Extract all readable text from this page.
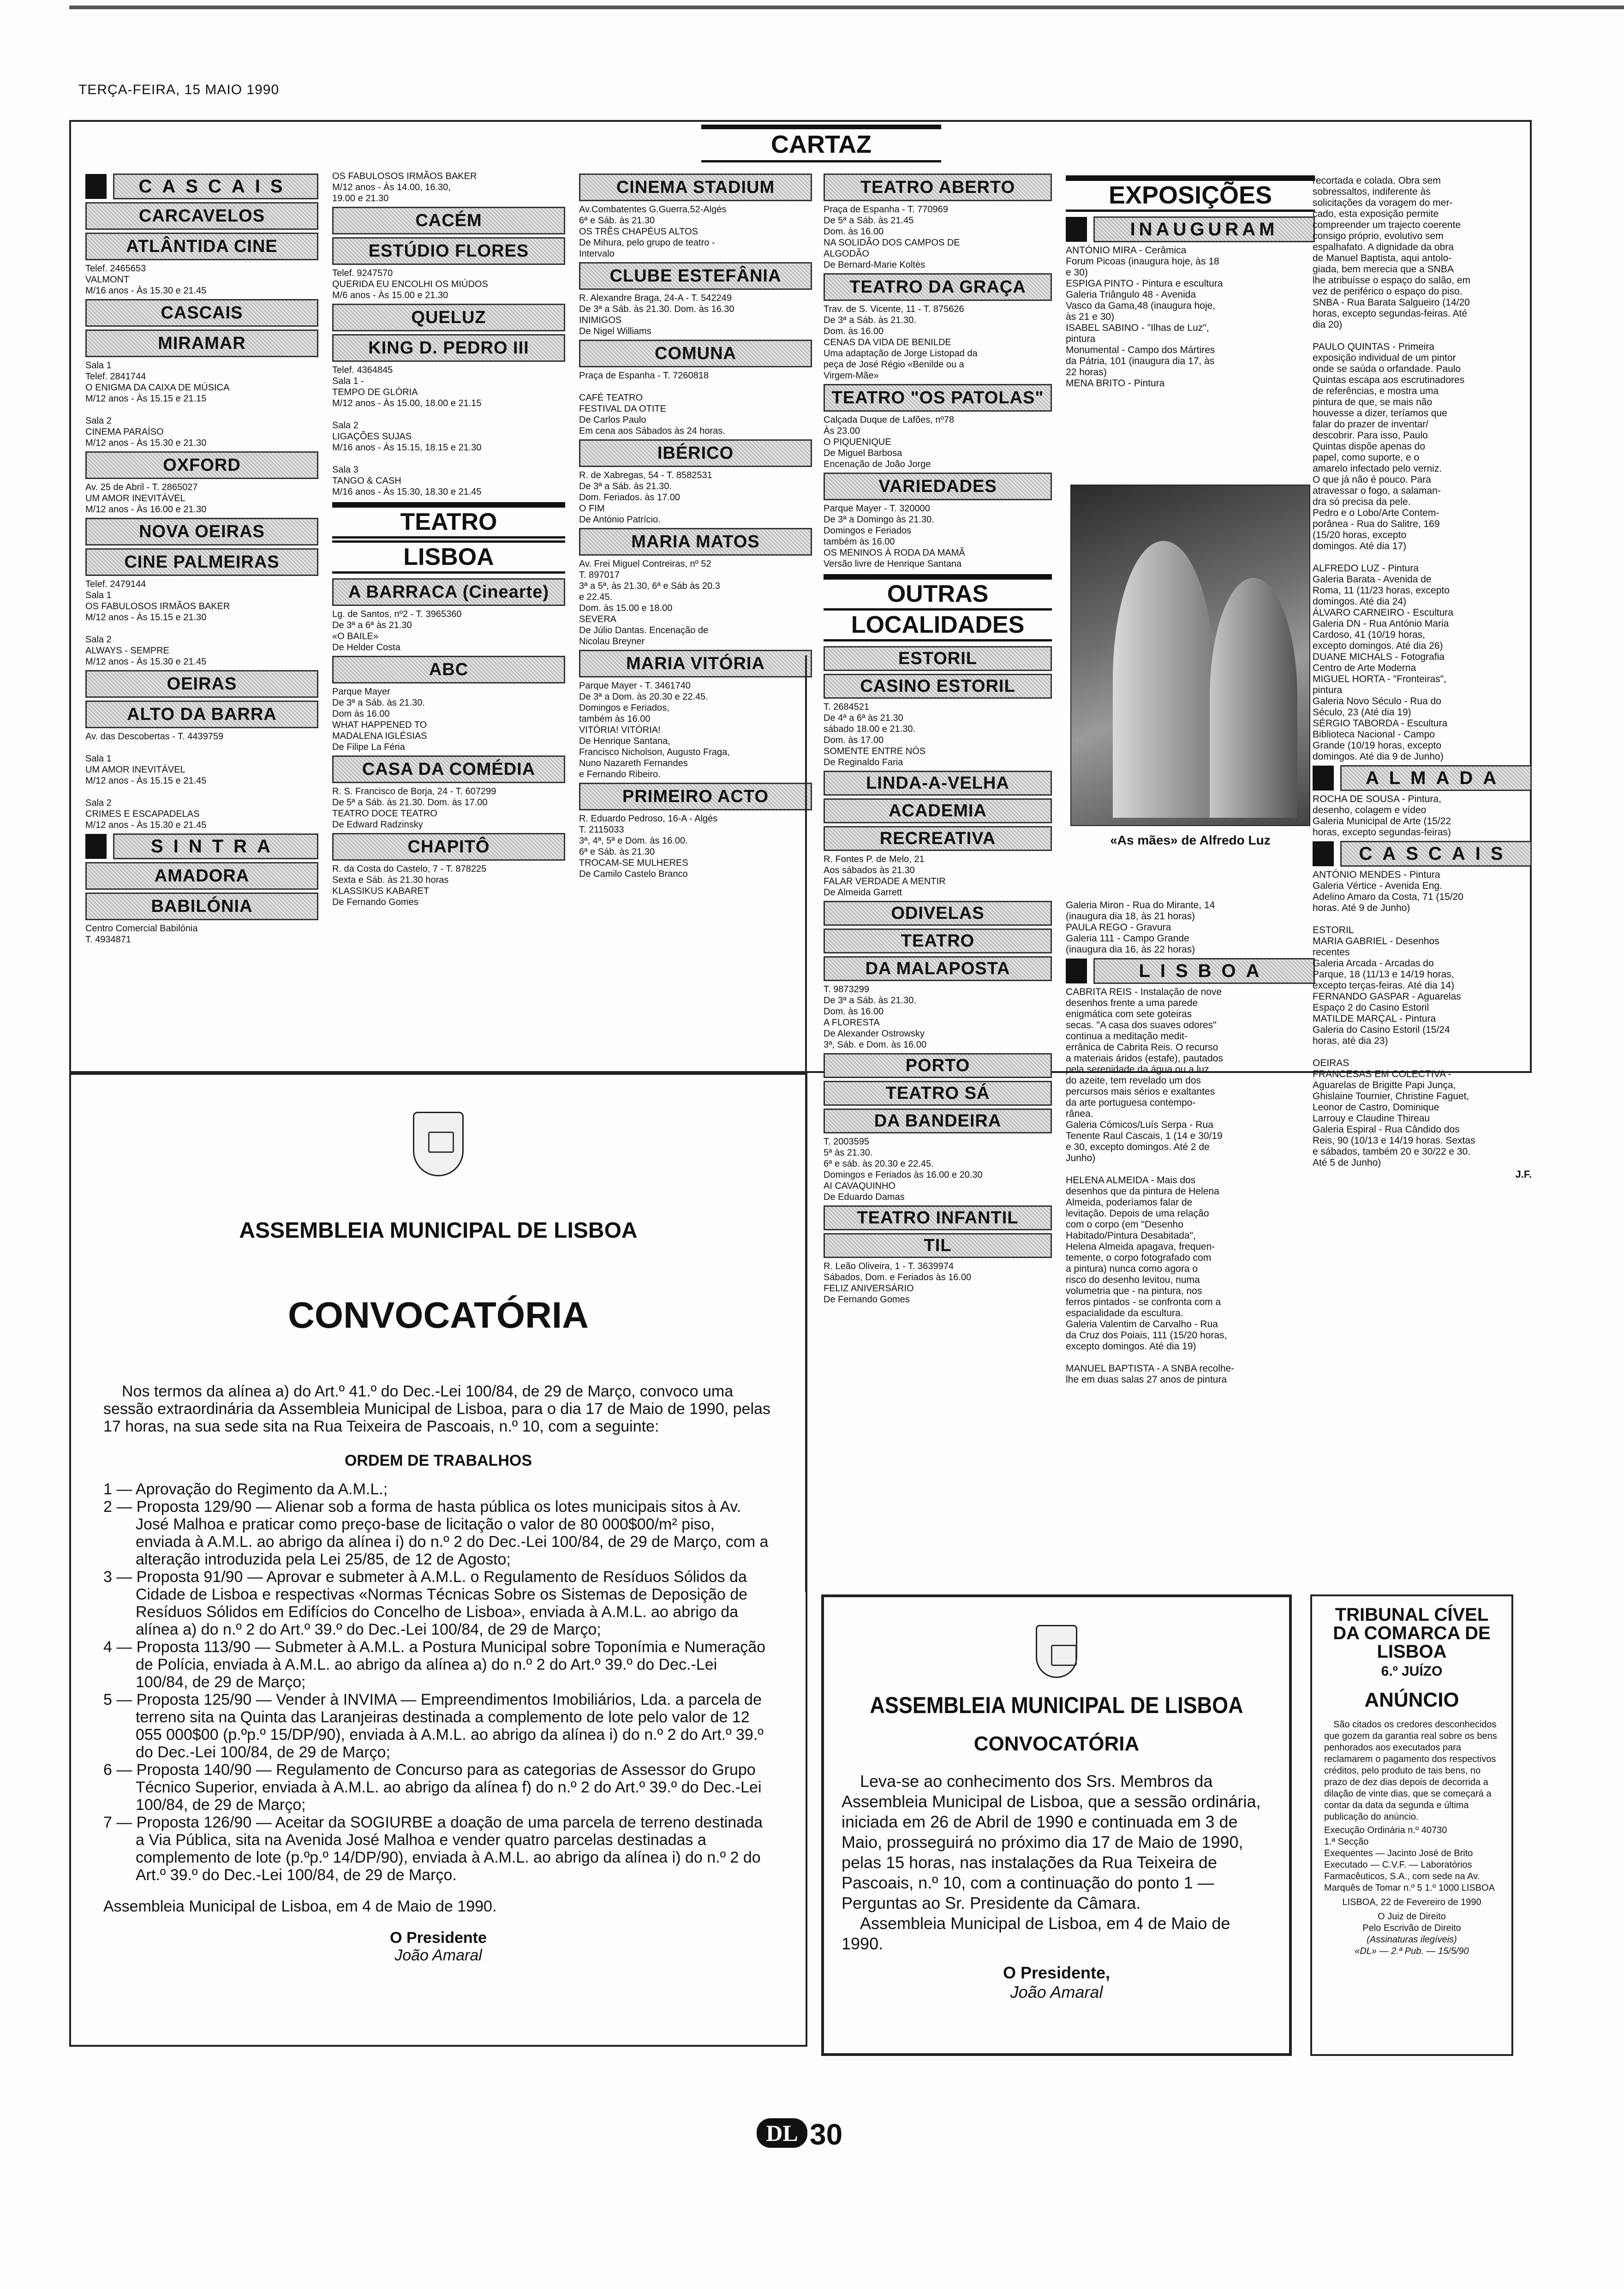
TERÇA-FEIRA, 15 MAIO 1990
CARTAZ
CASCAIS
CARCAVELOS
ATLÂNTIDA CINE
Telef. 2465653
VALMONT
M/16 anos - Às 15.30 e 21.45
CASCAIS
MIRAMAR
Sala 1
Telef. 2841744
O ENIGMA DA CAIXA DE MÚSICA
M/12 anos - Às 15.15 e 21.15

Sala 2
CINEMA PARAÍSO
M/12 anos - Às 15.30 e 21.30
OXFORD
Av. 25 de Abril - T. 2865027
UM AMOR INEVITÁVEL
M/12 anos - Às 16.00 e 21.30
NOVA OEIRAS
CINE PALMEIRAS
Telef. 2479144
Sala 1
OS FABULOSOS IRMÃOS BAKER
M/12 anos - Às 15.15 e 21.30

Sala 2
ALWAYS - SEMPRE
M/12 anos - Às 15.30 e 21.45
OEIRAS
ALTO DA BARRA
Av. das Descobertas - T. 4439759

Sala 1
UM AMOR INEVITÁVEL
M/12 anos - Às 15.15 e 21.45

Sala 2
CRIMES E ESCAPADELAS
M/12 anos - Às 15.30 e 21.45
SINTRA
AMADORA
BABILÓNIA
Centro Comercial Babilónia
T. 4934871
OS FABULOSOS IRMÃOS BAKER
M/12 anos - Às 14.00, 16.30,
19.00 e 21.30
CACÉM
ESTÚDIO FLORES
Telef. 9247570
QUERIDA EU ENCOLHI OS MIÚDOS
M/6 anos - Às 15.00 e 21.30
QUELUZ
KING D. PEDRO III
Telef. 4364845
Sala 1 -
TEMPO DE GLÓRIA
M/12 anos - Às 15.00, 18.00 e 21.15

Sala 2
LIGAÇÕES SUJAS
M/16 anos - Às 15.15, 18.15 e 21.30

Sala 3
TANGO & CASH
M/16 anos - Às 15.30, 18.30 e 21.45
TEATRO
LISBOA
A BARRACA (Cinearte)
Lg. de Santos, nº2 - T. 3965360
De 3ª a 6ª às 21.30
«O BAILE»
De Helder Costa
ABC
Parque Mayer
De 3ª a Sáb. às 21.30.
Dom às 16.00
WHAT HAPPENED TO
MADALENA IGLÉSIAS
De Filipe La Féria
CASA DA COMÉDIA
R. S. Francisco de Borja, 24 - T. 607299
De 5ª a Sáb. às 21.30. Dom. às 17.00
TEATRO DOCE TEATRO
De Edward Radzinsky
CHAPITÔ
R. da Costa do Castelo, 7 - T. 878225
Sexta e Sáb. às 21.30 horas
KLASSIKUS KABARET
De Fernando Gomes
CINEMA STADIUM
Av.Combatentes G.Guerra,52-Algés
6ª e Sáb. às 21.30
OS TRÊS CHAPÉUS ALTOS
De Mihura, pelo grupo de teatro -
Intervalo
CLUBE ESTEFÂNIA
R. Alexandre Braga, 24-A - T. 542249
De 3ª a Sáb. às 21.30. Dom. às 16.30
INIMIGOS
De Nigel Williams
COMUNA
Praça de Espanha - T. 7260818

CAFÉ TEATRO
FESTIVAL DA OTITE
De Carlos Paulo
Em cena aos Sábados às 24 horas.
IBÉRICO
R. de Xabregas, 54 - T. 8582531
De 3ª a Sáb. às 21.30.
Dom. Feriados. às 17.00
O FIM
De António Patrício.
MARIA MATOS
Av. Frei Miguel Contreiras, nº 52
T. 897017
3ª a 5ª, às 21.30, 6ª e Sáb às 20.3
e 22.45.
Dom. às 15.00 e 18.00
SEVERA
De Júlio Dantas. Encenação de
Nicolau Breyner
MARIA VITÓRIA
Parque Mayer - T. 3461740
De 3ª a Dom. às 20.30 e 22.45.
Domingos e Feriados,
também às 16.00
VITÓRIA! VITÓRIA!
De Henrique Santana,
Francisco Nicholson, Augusto Fraga,
Nuno Nazareth Fernandes
e Fernando Ribeiro.
PRIMEIRO ACTO
R. Eduardo Pedroso, 16-A - Algés
T. 2115033
3ª, 4ª, 5ª e Dom. às 16.00.
6ª e Sáb. às 21.30
TROCAM-SE MULHERES
De Camilo Castelo Branco
TEATRO ABERTO
Praça de Espanha - T. 770969
De 5ª a Sáb. às 21.45
Dom. às 16.00
NA SOLIDÃO DOS CAMPOS DE
ALGODÃO
De Bernard-Marie Koltès
TEATRO DA GRAÇA
Trav. de S. Vicente, 11 - T. 875626
De 3ª a Sáb. às 21.30.
Dom. às 16.00
CENAS DA VIDA DE BENILDE
Uma adaptação de Jorge Listopad da
peça de José Régio «Benilde ou a
Virgem-Mãe»
TEATRO "OS PATOLAS"
Calçada Duque de Lafões, nº78
Às 23.00
O PIQUENIQUE
De Miguel Barbosa
Encenação de João Jorge
VARIEDADES
Parque Mayer - T. 320000
De 3ª a Domingo às 21.30.
Domingos e Feriados
também às 16.00
OS MENINOS À RODA DA MAMÃ
Versão livre de Henrique Santana
OUTRAS
LOCALIDADES
ESTORIL
CASINO ESTORIL
T. 2684521
De 4ª a 6ª às 21.30
sábado 18.00 e 21.30.
Dom. às 17.00
SOMENTE ENTRE NÓS
De Reginaldo Faria
LINDA-A-VELHA
ACADEMIA
RECREATIVA
R. Fontes P. de Melo, 21
Aos sábados às 21.30
FALAR VERDADE A MENTIR
De Almeida Garrett
ODIVELAS
TEATRO
DA MALAPOSTA
T. 9873299
De 3ª a Sáb. às 21.30.
Dom. às 16.00
A FLORESTA
De Alexander Ostrowsky
3ª, Sáb. e Dom. às 16.00
PORTO
TEATRO SÁ
DA BANDEIRA
T. 2003595
5ª às 21.30.
6ª e sáb. às 20.30 e 22.45.
Domingos e Feriados às 16.00 e 20.30
AI CAVAQUINHO
De Eduardo Damas
TEATRO INFANTIL
TIL
R. Leão Oliveira, 1 - T. 3639974
Sábados, Dom. e Feriados às 16.00
FELIZ ANIVERSÁRIO
De Fernando Gomes
EXPOSIÇÕES
INAUGURAM
ANTÓNIO MIRA - Cerâmica
Forum Picoas (inaugura hoje, às 18
e 30)
ESPIGA PINTO - Pintura e escultura
Galeria Triângulo 48 - Avenida
Vasco da Gama,48 (inaugura hoje,
às 21 e 30)
ISABEL SABINO - "Ilhas de Luz",
pintura
Monumental - Campo dos Mártires
da Pátria, 101 (inaugura dia 17, às
22 horas)
MENA BRITO - Pintura
«As mães» de Alfredo Luz
Galeria Miron - Rua do Mirante, 14
(inaugura dia 18, às 21 horas)
PAULA REGO - Gravura
Galeria 111 - Campo Grande
(inaugura dia 16, às 22 horas)
LISBOA
CABRITA REIS - Instalação de nove
desenhos frente a uma parede
enigmática com sete goteiras
secas. "A casa dos suaves odores"
continua a meditação medit-
errânica de Cabrita Reis. O recurso
a materiais áridos (estafe), pautados
pela serenidade da água ou a luz
do azeite, tem revelado um dos
percursos mais sérios e exaltantes
da arte portuguesa contempo-
rânea.
Galeria Cómicos/Luís Serpa - Rua
Tenente Raul Cascais, 1 (14 e 30/19
e 30, excepto domingos. Até 2 de
Junho)

HELENA ALMEIDA - Mais dos
desenhos que da pintura de Helena
Almeida, poderíamos falar de
levitação. Depois de uma relação
com o corpo (em "Desenho
Habitado/Pintura Desabitada",
Helena Almeida apagava, frequen-
temente, o corpo fotografado com
a pintura) nunca como agora o
risco do desenho levitou, numa
volumetria que - na pintura, nos
ferros pintados - se confronta com a
espacialidade da escultura.
Galeria Valentim de Carvalho - Rua
da Cruz dos Poiais, 111 (15/20 horas,
excepto domingos. Até dia 19)

MANUEL BAPTISTA - A SNBA recolhe-
lhe em duas salas 27 anos de pintura
recortada e colada. Obra sem
sobressaltos, indiferente às
solicitações da voragem do mer-
cado, esta exposição permite
compreender um trajecto coerente
consigo próprio, evolutivo sem
espalhafato. A dignidade da obra
de Manuel Baptista, aqui antolo-
giada, bem merecia que a SNBA
lhe atribuísse o espaço do salão, em
vez de periférico o espaço do piso.
SNBA - Rua Barata Salgueiro (14/20
horas, excepto segundas-feiras. Até
dia 20)

PAULO QUINTAS - Primeira
exposição individual de um pintor
onde se saúda o orfandade. Paulo
Quintas escapa aos escrutinadores
de referências, e mostra uma
pintura de que, se mais não
houvesse a dizer, teríamos que
falar do prazer de inventar/
descobrir. Para isso, Paulo
Quintas dispõe apenas do
papel, como suporte, e o
amarelo infectado pelo verniz.
O que já não é pouco. Para
atravessar o fogo, a salaman-
dra só precisa da pele.
Pedro e o Lobo/Arte Contem-
porânea - Rua do Salitre, 169
(15/20 horas, excepto
domingos. Até dia 17)

ALFREDO LUZ - Pintura
Galeria Barata - Avenida de
Roma, 11 (11/23 horas, excepto
domingos. Até dia 24)
ÁLVARO CARNEIRO - Escultura
Galeria DN - Rua António Maria
Cardoso, 41 (10/19 horas,
excepto domingos. Até dia 26)
DUANE MICHALS - Fotografia
Centro de Arte Moderna
MIGUEL HORTA - "Fronteiras",
pintura
Galeria Novo Século - Rua do
Século, 23 (Até dia 19)
SÉRGIO TABORDA - Escultura
Biblioteca Nacional - Campo
Grande (10/19 horas, excepto
domingos. Até dia 9 de Junho)
ALMADA
ROCHA DE SOUSA - Pintura,
desenho, colagem e vídeo
Galeria Municipal de Arte (15/22
horas, excepto segundas-feiras)
CASCAIS
ANTÓNIO MENDES - Pintura
Galeria Vértice - Avenida Eng.
Adelino Amaro da Costa, 71 (15/20
horas. Até 9 de Junho)

ESTORIL
MARIA GABRIEL - Desenhos
recentes
Galeria Arcada - Arcadas do
Parque, 18 (11/13 e 14/19 horas,
excepto terças-feiras. Até dia 14)
FERNANDO GASPAR - Aguarelas
Espaço 2 do Casino Estoril
MATILDE MARÇAL - Pintura
Galeria do Casino Estoril (15/24
horas, até dia 23)

OEIRAS
FRANCESAS EM COLECTIVA -
Aguarelas de Brigitte Papi Junça,
Ghislaine Tournier, Christine Faguet,
Leonor de Castro, Dominique
Larrouy e Claudine Thireau
Galeria Espiral - Rua Cândido dos
Reis, 90 (10/13 e 14/19 horas. Sextas
e sábados, também 20 e 30/22 e 30.
Até 5 de Junho)
J.F.
ASSEMBLEIA MUNICIPAL DE LISBOA
CONVOCATÓRIA
Nos termos da alínea a) do Art.º 41.º do Dec.-Lei 100/84, de 29 de Março, convoco uma sessão extraordinária da Assembleia Municipal de Lisboa, para o dia 17 de Maio de 1990, pelas 17 horas, na sua sede sita na Rua Teixeira de Pascoais, n.º 10, com a seguinte:
ORDEM DE TRABALHOS
1 — Aprovação do Regimento da A.M.L.;
2 — Proposta 129/90 — Alienar sob a forma de hasta pública os lotes municipais sitos à Av. José Malhoa e praticar como preço-base de licitação o valor de 80 000$00/m² piso, enviada à A.M.L. ao abrigo da alínea i) do n.º 2 do Dec.-Lei 100/84, de 29 de Março, com a alteração introduzida pela Lei 25/85, de 12 de Agosto;
3 — Proposta 91/90 — Aprovar e submeter à A.M.L. o Regulamento de Resíduos Sólidos da Cidade de Lisboa e respectivas «Normas Técnicas Sobre os Sistemas de Deposição de Resíduos Sólidos em Edifícios do Concelho de Lisboa», enviada à A.M.L. ao abrigo da alínea a) do n.º 2 do Art.º 39.º do Dec.-Lei 100/84, de 29 de Março;
4 — Proposta 113/90 — Submeter à A.M.L. a Postura Municipal sobre Toponímia e Numeração de Polícia, enviada à A.M.L. ao abrigo da alínea a) do n.º 2 do Art.º 39.º do Dec.-Lei 100/84, de 29 de Março;
5 — Proposta 125/90 — Vender à INVIMA — Empreendimentos Imobiliários, Lda. a parcela de terreno sita na Quinta das Laranjeiras destinada a complemento de lote pelo valor de 12 055 000$00 (p.ºp.º 15/DP/90), enviada à A.M.L. ao abrigo da alínea i) do n.º 2 do Art.º 39.º do Dec.-Lei 100/84, de 29 de Março;
6 — Proposta 140/90 — Regulamento de Concurso para as categorias de Assessor do Grupo Técnico Superior, enviada à A.M.L. ao abrigo da alínea f) do n.º 2 do Art.º 39.º do Dec.-Lei 100/84, de 29 de Março;
7 — Proposta 126/90 — Aceitar da SOGIURBE a doação de uma parcela de terreno destinada a Via Pública, sita na Avenida José Malhoa e vender quatro parcelas destinadas a complemento de lote (p.ºp.º 14/DP/90), enviada à A.M.L. ao abrigo da alínea i) do n.º 2 do Art.º 39.º do Dec.-Lei 100/84, de 29 de Março.
Assembleia Municipal de Lisboa, em 4 de Maio de 1990.
O Presidente
João Amaral
ASSEMBLEIA MUNICIPAL DE LISBOA
CONVOCATÓRIA
Leva-se ao conhecimento dos Srs. Membros da Assembleia Municipal de Lisboa, que a sessão ordinária, iniciada em 26 de Abril de 1990 e continuada em 3 de Maio, prosseguirá no próximo dia 17 de Maio de 1990, pelas 15 horas, nas instalações da Rua Teixeira de Pascoais, n.º 10, com a continuação do ponto 1 — Perguntas ao Sr. Presidente da Câmara.
Assembleia Municipal de Lisboa, em 4 de Maio de 1990.
O Presidente,
João Amaral
TRIBUNAL CÍVEL DA COMARCA DE LISBOA
6.º JUÍZO
ANÚNCIO
São citados os credores desconhecidos que gozem da garantia real sobre os bens penhorados aos executados para reclamarem o pagamento dos respectivos créditos, pelo produto de tais bens, no prazo de dez dias depois de decorrida a dilação de vinte dias, que se começará a contar da data da segunda e última publicação do anúncio.
Execução Ordinária n.º 40730
1.ª Secção
Exequentes — Jacinto José de Brito
Executado — C.V.F. — Laboratórios Farmacêuticos, S.A., com sede na Av. Marquês de Tomar n.º 5 1.º 1000 LISBOA
LISBOA, 22 de Fevereiro de 1990
O Juiz de Direito
Pelo Escrivão de Direito
(Assinaturas ilegíveis)
«DL» — 2.ª Pub. — 15/5/90
DL 30
